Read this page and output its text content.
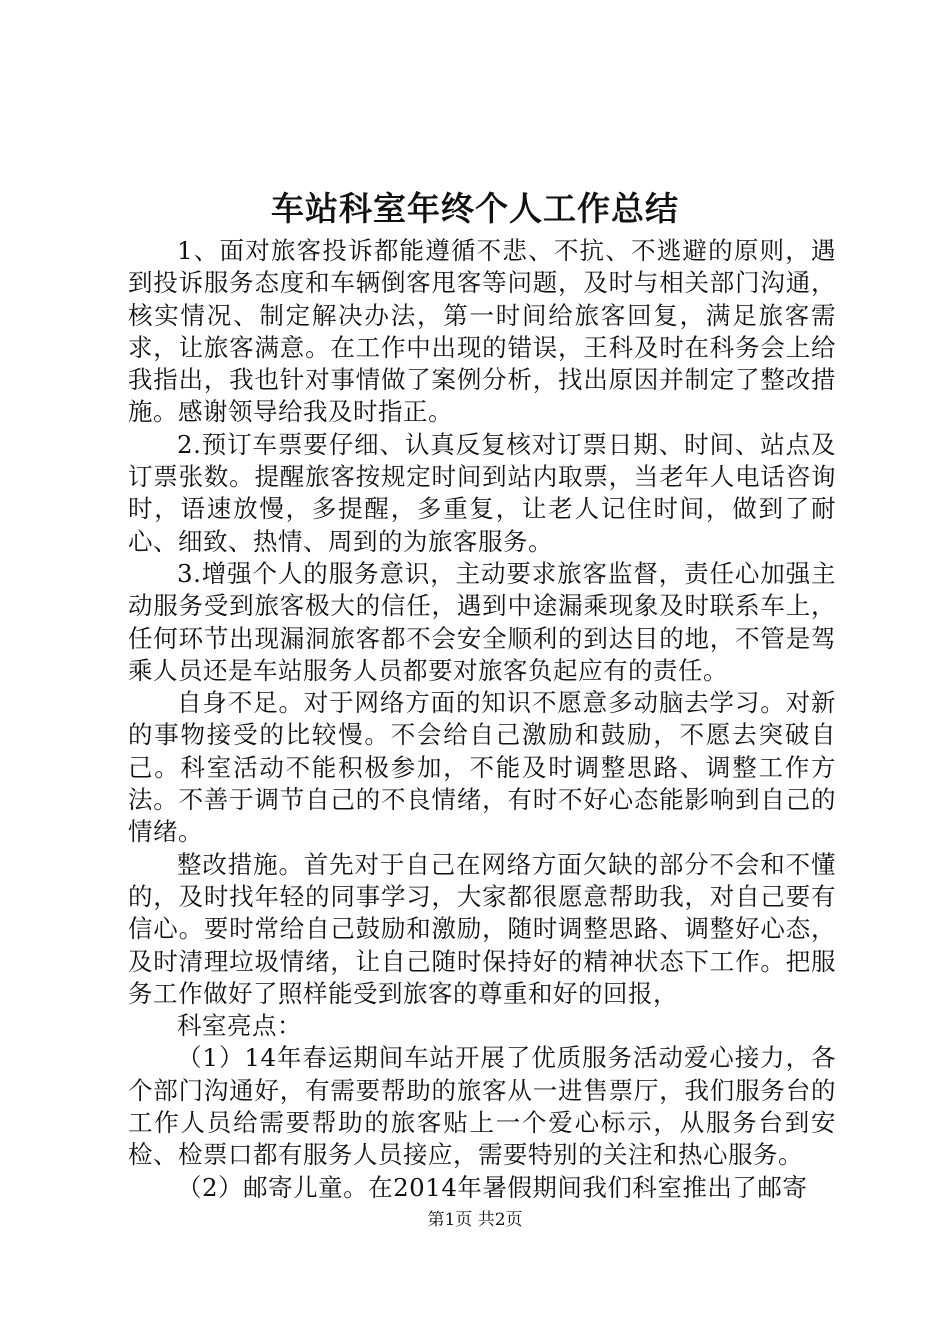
车站科室年终个人工作总结

1、面对旅客投诉都能遵循不悲、不抗、不逃避的原则，遇到投诉服务态度和车辆倒客甩客等问题，及时与相关部门沟通，核实情况、制定解决办法，第一时间给旅客回复，满足旅客需求，让旅客满意。在工作中出现的错误，王科及时在科务会上给我指出，我也针对事情做了案例分析，找出原因并制定了整改措施。感谢领导给我及时指正。

2.预订车票要仔细、认真反复核对订票日期、时间、站点及订票张数。提醒旅客按规定时间到站内取票，当老年人电话咨询时，语速放慢，多提醒，多重复，让老人记住时间，做到了耐心、细致、热情、周到的为旅客服务。

3.增强个人的服务意识，主动要求旅客监督，责任心加强主动服务受到旅客极大的信任，遇到中途漏乘现象及时联系车上，任何环节出现漏洞旅客都不会安全顺利的到达目的地，不管是驾乘人员还是车站服务人员都要对旅客负起应有的责任。

自身不足。对于网络方面的知识不愿意多动脑去学习。对新的事物接受的比较慢。不会给自己激励和鼓励，不愿去突破自己。科室活动不能积极参加，不能及时调整思路、调整工作方法。不善于调节自己的不良情绪，有时不好心态能影响到自己的情绪。

整改措施。首先对于自己在网络方面欠缺的部分不会和不懂的，及时找年轻的同事学习，大家都很愿意帮助我，对自己要有信心。要时常给自己鼓励和激励，随时调整思路、调整好心态，及时清理垃圾情绪，让自己随时保持好的精神状态下工作。把服务工作做好了照样能受到旅客的尊重和好的回报，

科室亮点：

（1）14年春运期间车站开展了优质服务活动爱心接力，各个部门沟通好，有需要帮助的旅客从一进售票厅，我们服务台的工作人员给需要帮助的旅客贴上一个爱心标示，从服务台到安检、检票口都有服务人员接应，需要特别的关注和热心服务。

（2）邮寄儿童。在2014年暑假期间我们科室推出了邮寄

第1页 共2页
